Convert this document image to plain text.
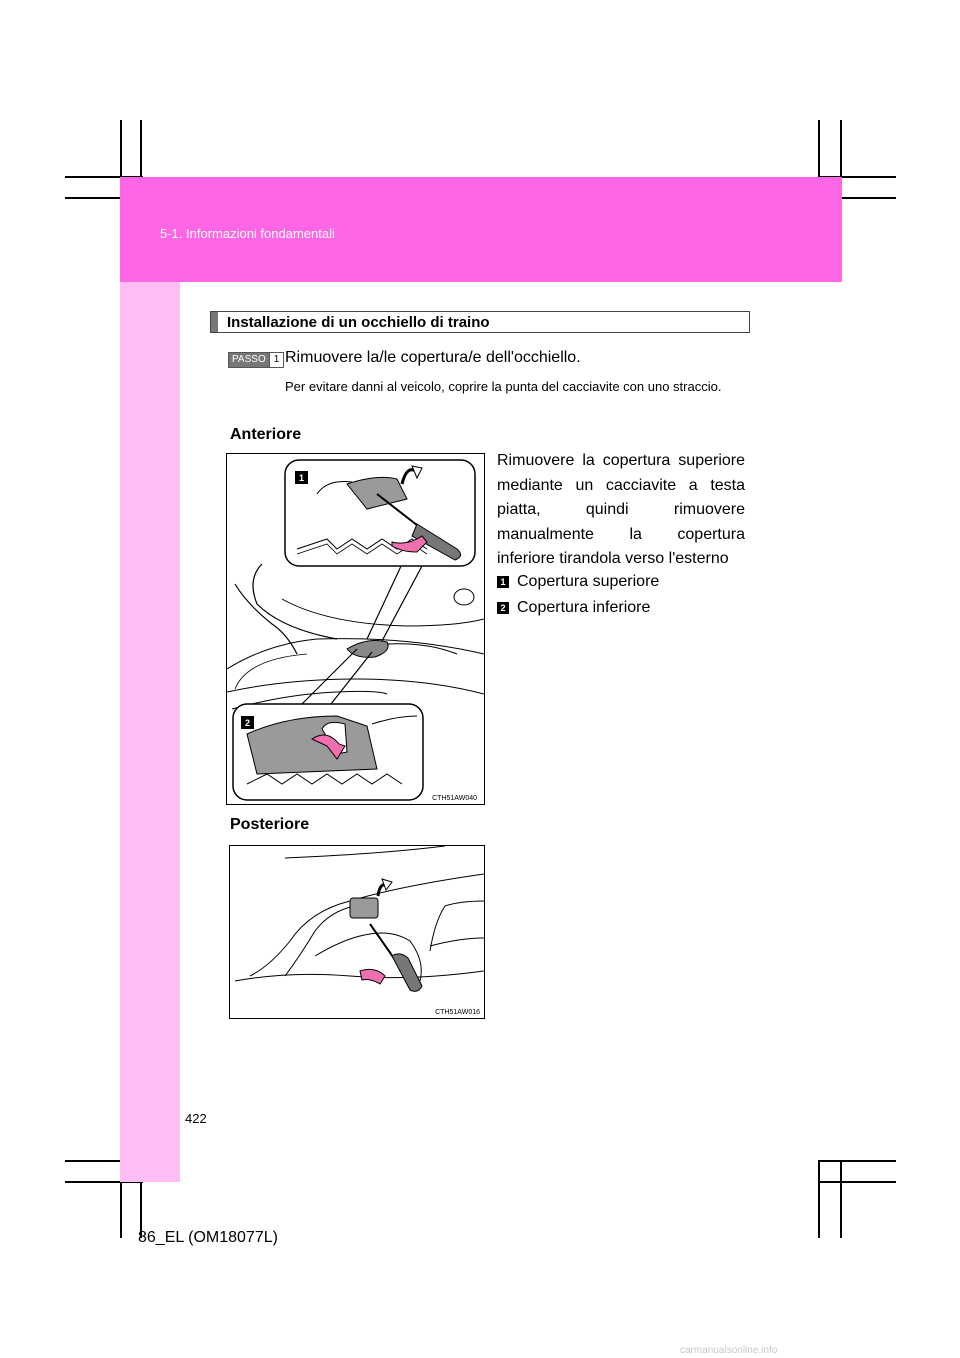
5-1. Informazioni fondamentali
Installazione di un occhiello di traino
PASSO 1 Rimuovere la/le copertura/e dell'occhiello.
Per evitare danni al veicolo, coprire la punta del cacciavite con uno straccio.
Anteriore
1
2
CTH51AW040
Rimuovere la copertura superiore mediante un cacciavite a testa piatta, quindi rimuovere manualmente la copertura inferiore tirandola verso l'esterno
1 Copertura superiore
2 Copertura inferiore
Posteriore
CTH51AW016
422
86_EL (OM18077L)
carmanualsonline.info
